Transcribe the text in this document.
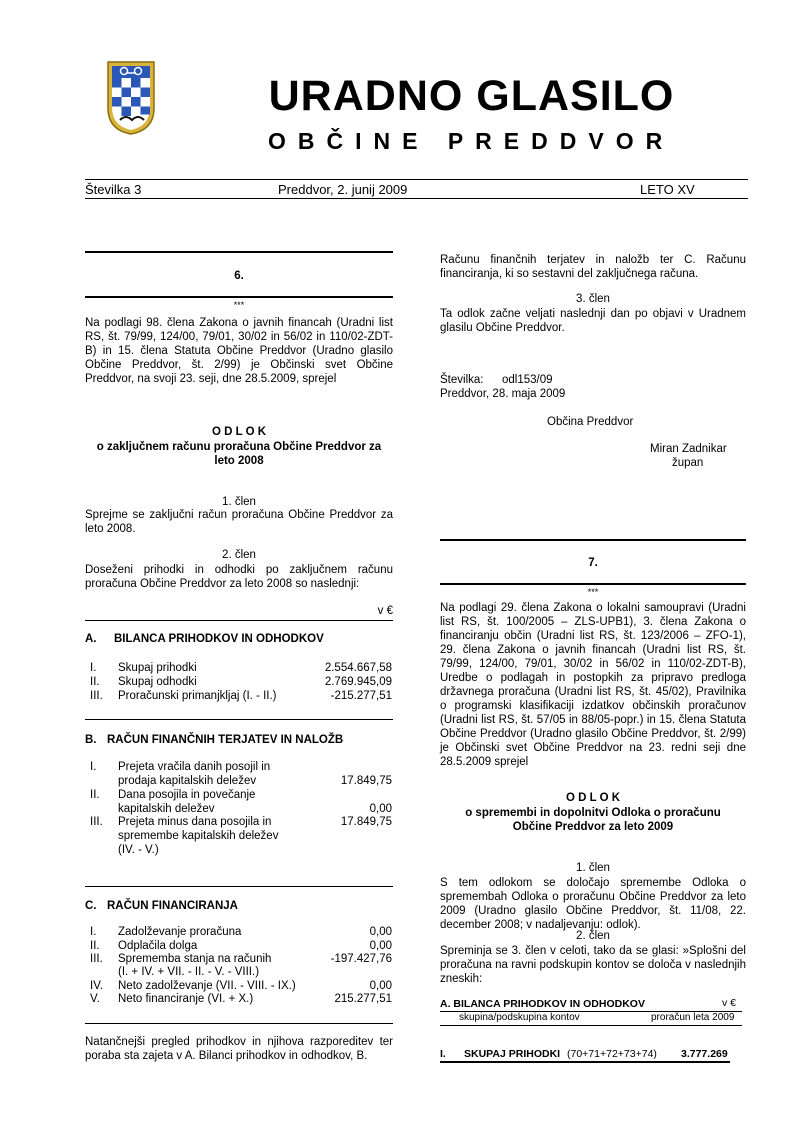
URADNO GLASILO
OBČINE PREDDVOR
Številka 3	Preddvor, 2. junij 2009	LETO XV
6.
***
Na podlagi 98. člena Zakona o javnih financah (Uradni list RS, št. 79/99, 124/00, 79/01, 30/02 in 56/02 in 110/02-ZDT-B) in 15. člena Statuta Občine Preddvor (Uradno glasilo Občine Preddvor, št. 2/99) je Občinski svet Občine Preddvor, na svoji 23. seji, dne 28.5.2009, sprejel
O D L O K
o zaključnem računu proračuna Občine Preddvor za leto 2008
1. člen
Sprejme se zaključni račun proračuna Občine Preddvor za leto 2008.
2. člen
Doseženi prihodki in odhodki po zaključnem računu proračuna Občine Preddvor za leto 2008 so naslednji:
v €
A. BILANCA PRIHODKOV IN ODHODKOV
I. Skupaj prihodki	2.554.667,58
II. Skupaj odhodki	2.769.945,09
III. Proračunski primanjkljaj (I. - II.)	-215.277,51
B. RAČUN FINANČNIH TERJATEV IN NALOŽB
I. Prejeta vračila danih posojil in
prodaja kapitalskih deležev	17.849,75
II. Dana posojila in povečanje
kapitalskih deležev	0,00
III. Prejeta minus dana posojila in	17.849,75
spremembe kapitalskih deležev
(IV. - V.)
C. RAČUN FINANCIRANJA
I. Zadolževanje proračuna	0,00
II. Odplačila dolga	0,00
III. Sprememba stanja na računih	-197.427,76
(I. + IV. + VII. - II. - V. - VIII.)
IV. Neto zadolževanje (VII. - VIII. - IX.)	0,00
V. Neto financiranje (VI. + X.)	215.277,51
Natančnejši pregled prihodkov in njihova razporeditev ter poraba sta zajeta v A. Bilanci prihodkov in odhodkov, B.
Računu finančnih terjatev in naložb ter C. Računu financiranja, ki so sestavni del zaključnega računa.
3. člen
Ta odlok začne veljati naslednji dan po objavi v Uradnem glasilu Občine Preddvor.
Številka: odl153/09
Preddvor, 28. maja 2009
Občina Preddvor
Miran Zadnikar
župan
7.
***
Na podlagi 29. člena Zakona o lokalni samoupravi (Uradni list RS, št. 100/2005 – ZLS-UPB1), 3. člena Zakona o financiranju občin (Uradni list RS, št. 123/2006 – ZFO-1), 29. člena Zakona o javnih financah (Uradni list RS, št. 79/99, 124/00, 79/01, 30/02 in 56/02 in 110/02-ZDT-B), Uredbe o podlagah in postopkih za pripravo predloga državnega proračuna (Uradni list RS, št. 45/02), Pravilnika o programski klasifikaciji izdatkov občinskih proračunov (Uradni list RS, št. 57/05 in 88/05-popr.) in 15. člena Statuta Občine Preddvor (Uradno glasilo Občine Preddvor, št. 2/99) je Občinski svet Občine Preddvor na 23. redni seji dne 28.5.2009 sprejel
O D L O K
o spremembi in dopolnitvi Odloka o proračunu Občine Preddvor za leto 2009
1. člen
S tem odlokom se določajo spremembe Odloka o spremembah Odloka o proračunu Občine Preddvor za leto 2009 (Uradno glasilo Občine Preddvor, št. 11/08, 22. december 2008; v nadaljevanju: odlok).
2. člen
Spreminja se 3. člen v celoti, tako da se glasi: »Splošni del proračuna na ravni podskupin kontov se določa v naslednjih zneskih:
A. BILANCA PRIHODKOV IN ODHODKOV	v €
skupina/podskupina kontov	proračun leta 2009
I. SKUPAJ PRIHODKI (70+71+72+73+74) 3.777.269
